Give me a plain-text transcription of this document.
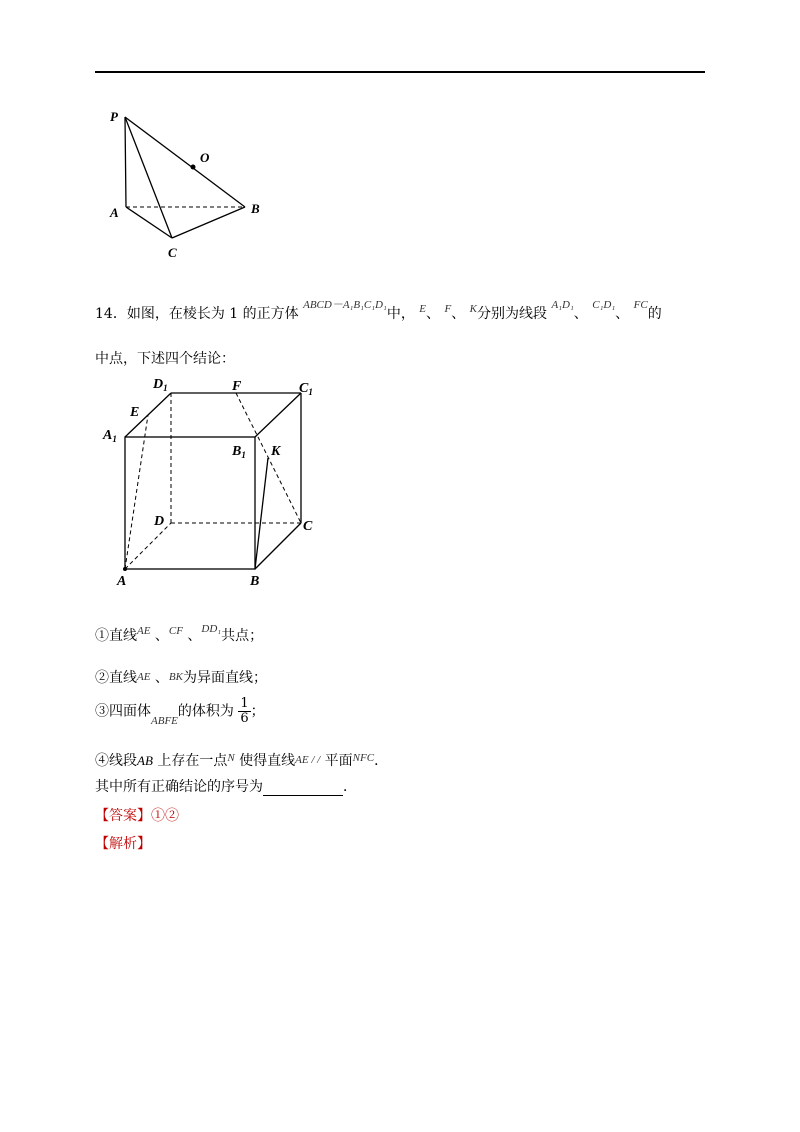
P
O
A	B
C
14．如图，在棱长为 1 的正方体 $^{ABCD-A_1B_1C_1D_1}$中， $^E$、 $^F$、 $^K$分别为线段 $^{A_1D_1}$、 $^{C_1D_1}$、 $^{FC}$的
中点，下述四个结论：
$D_1$	F	$C_1$
E
$A_1$
$B_1$ K
D	C
A	B
①直线$^{AE}$ 、$^{CF}$ 、$^{DD_1}$共点；
②直线AE 、BK为异面直线；
③四面体$_{ABFE}$的体积为 $\frac{1}{6}$ ；
④线段AB 上存在一点$^N$ 使得直线AE / / 平面$^{NFC}$．
其中所有正确结论的序号为	．
【答案】①②
【解析】
